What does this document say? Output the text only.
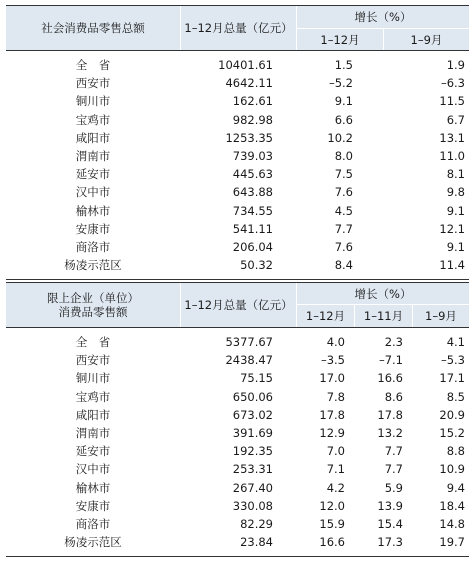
社会消费品零售总额	1–12月总量（亿元）
增长（%）
1–12月	1–9月
全　省	10401.61	1.5	1.9
西安市	4642.11	–5.2	–6.3
铜川市	162.61	9.1	11.5
宝鸡市	982.98	6.6	6.7
咸阳市	1253.35	10.2	13.1
渭南市	739.03	8.0	11.0
延安市	445.63	7.5	8.1
汉中市	643.88	7.6	9.8
榆林市	734.55	4.5	9.1
安康市	541.11	7.7	12.1
商洛市	206.04	7.6	9.1
杨凌示范区	50.32	8.4	11.4
限上企业（单位）
消费品零售额	1–12月总量（亿元）
增长（%）
1–12月	1–11月	1–9月
全　省	5377.67	4.0	2.3	4.1
西安市	2438.47	–3.5	–7.1	–5.3
铜川市	75.15	17.0	16.6	17.1
宝鸡市	650.06	7.8	8.6	8.5
咸阳市	673.02	17.8	17.8	20.9
渭南市	391.69	12.9	13.2	15.2
延安市	192.35	7.0	7.7	8.8
汉中市	253.31	7.1	7.7	10.9
榆林市	267.40	4.2	5.9	9.4
安康市	330.08	12.0	13.9	18.4
商洛市	82.29	15.9	15.4	14.8
杨凌示范区	23.84	16.6	17.3	19.7
